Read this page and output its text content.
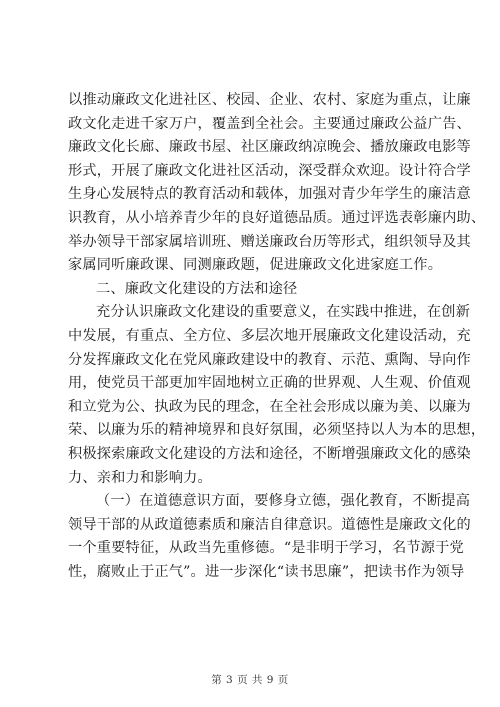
以推动廉政文化进社区、校园、企业、农村、家庭为重点，让廉
政文化走进千家万户，覆盖到全社会。主要通过廉政公益广告、
廉政文化长廊、廉政书屋、社区廉政纳凉晚会、播放廉政电影等
形式，开展了廉政文化进社区活动，深受群众欢迎。设计符合学
生身心发展特点的教育活动和载体，加强对青少年学生的廉洁意
识教育，从小培养青少年的良好道德品质。通过评选表彰廉内助、
举办领导干部家属培训班、赠送廉政台历等形式，组织领导及其
家属同听廉政课、同测廉政题，促进廉政文化进家庭工作。
二、廉政文化建设的方法和途径
充分认识廉政文化建设的重要意义，在实践中推进，在创新
中发展，有重点、全方位、多层次地开展廉政文化建设活动，充
分发挥廉政文化在党风廉政建设中的教育、示范、熏陶、导向作
用，使党员干部更加牢固地树立正确的世界观、人生观、价值观
和立党为公、执政为民的理念，在全社会形成以廉为美、以廉为
荣、以廉为乐的精神境界和良好氛围，必须坚持以人为本的思想，
积极探索廉政文化建设的方法和途径，不断增强廉政文化的感染
力、亲和力和影响力。
（一）在道德意识方面，要修身立德，强化教育，不断提高
领导干部的从政道德素质和廉洁自律意识。道德性是廉政文化的
一个重要特征，从政当先重修德。“是非明于学习，名节源于党
性，腐败止于正气”。进一步深化“读书思廉”，把读书作为领导
第 3 页 共 9 页
